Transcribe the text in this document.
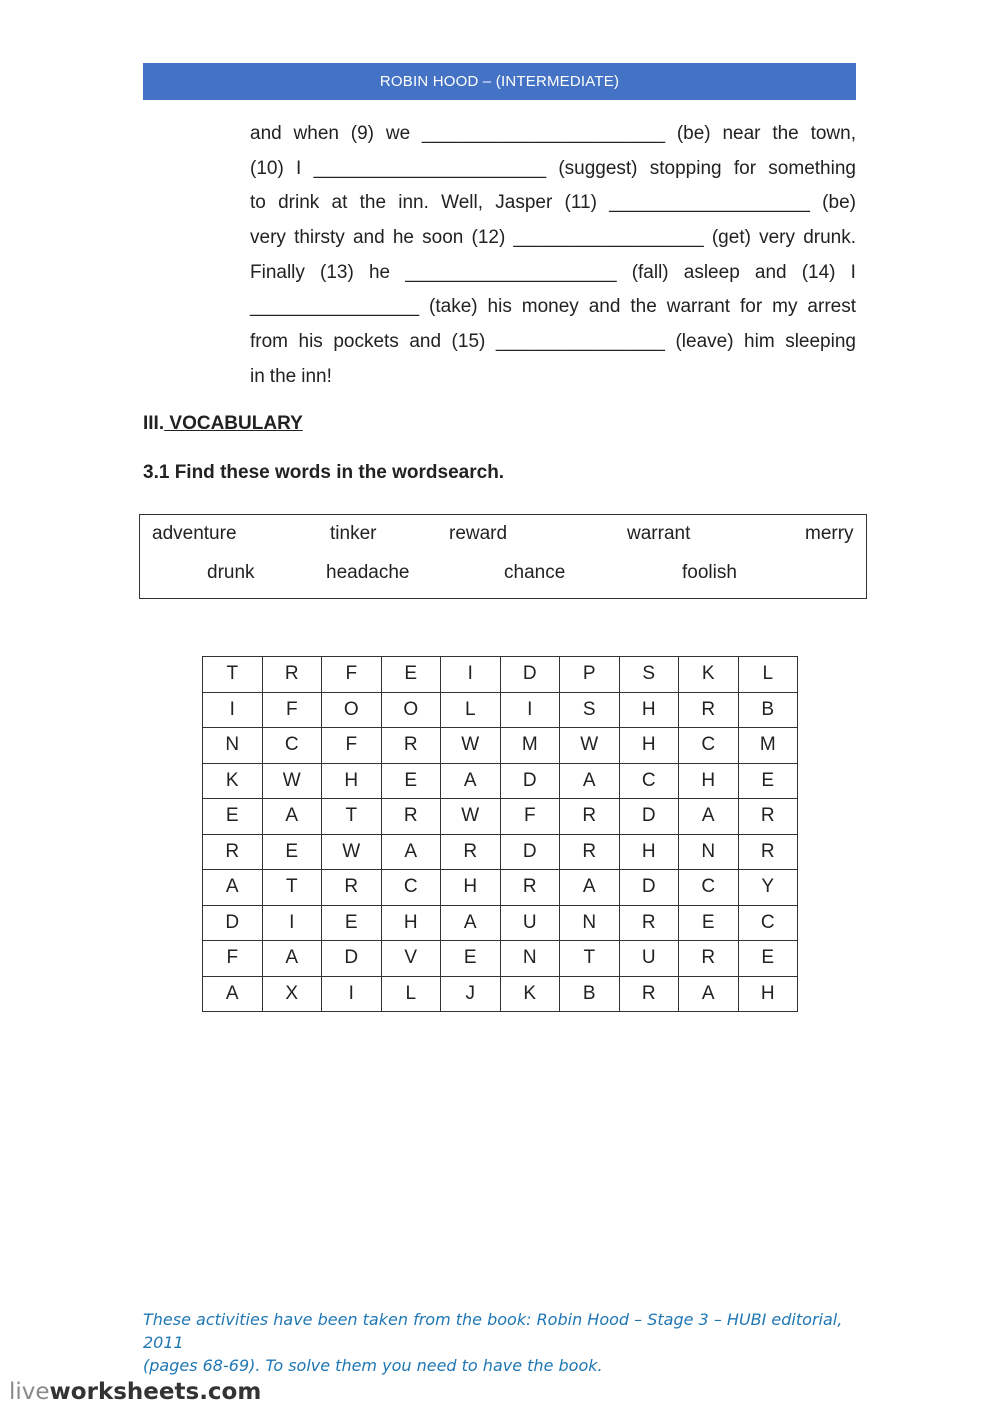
ROBIN HOOD – (INTERMEDIATE)
and when (9) we _______________________ (be) near the town,
(10) I ______________________ (suggest) stopping for something
to drink at the inn. Well, Jasper (11) ___________________ (be)
very thirsty and he soon (12) __________________ (get) very drunk.
Finally (13) he ____________________ (fall) asleep and (14) I
________________ (take) his money and the warrant for my arrest
from his pockets and (15) ________________ (leave) him sleeping
in the inn!
III. VOCABULARY
3.1 Find these words in the wordsearch.
adventure	tinker	reward	warrant	merry
drunk	headache	chance	foolish
T	R	F	E	I	D	P	S	K	L
I	F	O	O	L	I	S	H	R	B
N	C	F	R	W	M	W	H	C	M
K	W	H	E	A	D	A	C	H	E
E	A	T	R	W	F	R	D	A	R
R	E	W	A	R	D	R	H	N	R
A	T	R	C	H	R	A	D	C	Y
D	I	E	H	A	U	N	R	E	C
F	A	D	V	E	N	T	U	R	E
A	X	I	L	J	K	B	R	A	H
These activities have been taken from the book: Robin Hood – Stage 3 – HUBI editorial, 2011
(pages 68-69). To solve them you need to have the book.
liveworksheets.com
